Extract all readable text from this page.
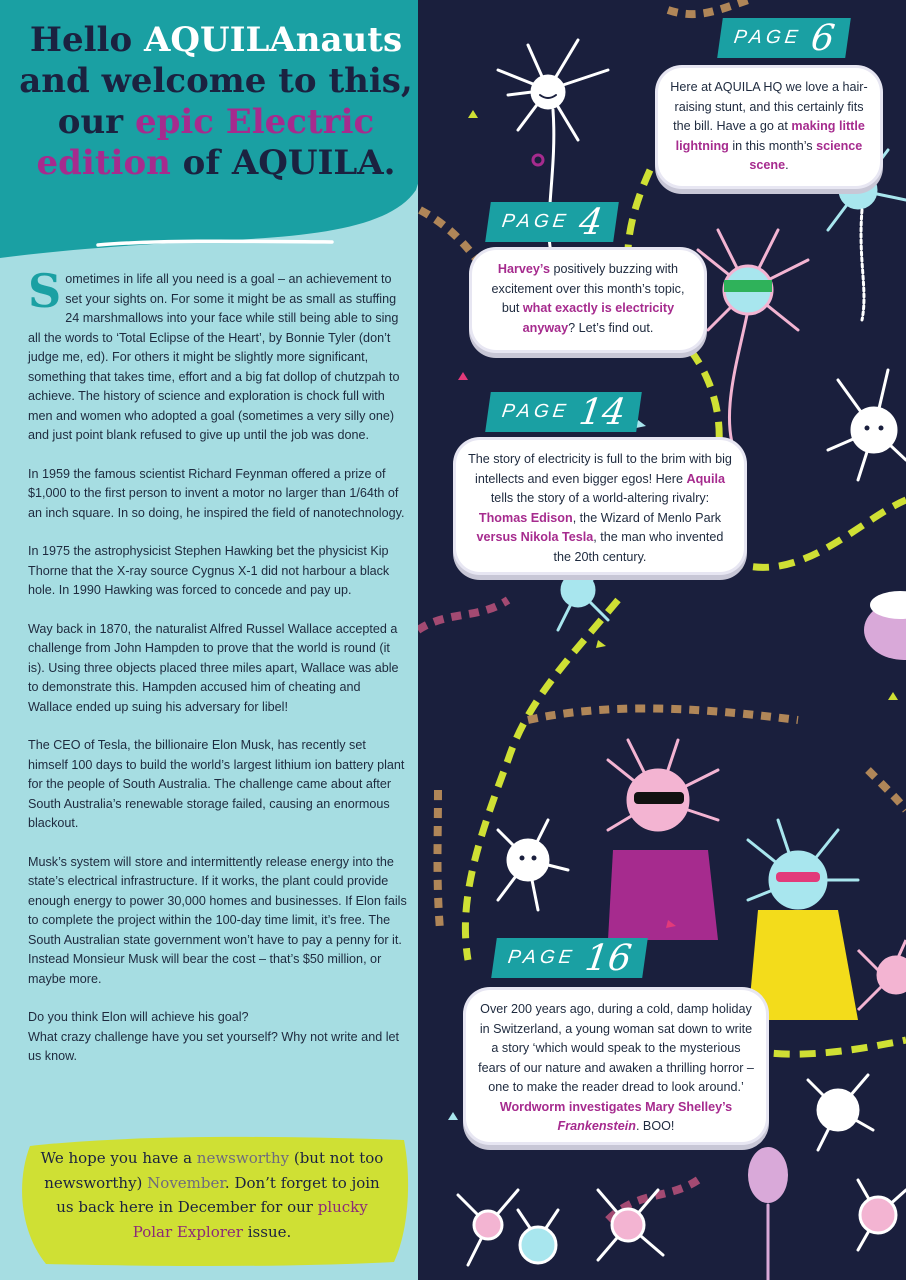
Hello AQUILAnauts and welcome to this, our epic Electric edition of AQUILA.

Sometimes in life all you need is a goal – an achievement to set your sights on. For some it might be as small as stuffing 24 marshmallows into your face while still being able to sing all the words to ‘Total Eclipse of the Heart’, by Bonnie Tyler (don’t judge me, ed). For others it might be slightly more significant, something that takes time, effort and a big fat dollop of chutzpah to achieve. The history of science and exploration is chock full with men and women who adopted a goal (sometimes a very silly one) and just point blank refused to give up until the job was done.

In 1959 the famous scientist Richard Feynman offered a prize of $1,000 to the first person to invent a motor no larger than 1/64th of an inch square. In so doing, he inspired the field of nanotechnology.

In 1975 the astrophysicist Stephen Hawking bet the physicist Kip Thorne that the X-ray source Cygnus X-1 did not harbour a black hole. In 1990 Hawking was forced to concede and pay up.

Way back in 1870, the naturalist Alfred Russel Wallace accepted a challenge from John Hampden to prove that the world is round (it is). Using three objects placed three miles apart, Wallace was able to demonstrate this. Hampden accused him of cheating and Wallace ended up suing his adversary for libel!

The CEO of Tesla, the billionaire Elon Musk, has recently set himself 100 days to build the world’s largest lithium ion battery plant for the people of South Australia. The challenge came about after South Australia’s renewable storage failed, causing an enormous blackout.

Musk’s system will store and intermittently release energy into the state’s electrical infrastructure. If it works, the plant could provide enough energy to power 30,000 homes and businesses. If Elon fails to complete the project within the 100-day time limit, it’s free. The South Australian state government won’t have to pay a penny for it. Instead Monsieur Musk will bear the cost – that’s $50 million, or maybe more.

Do you think Elon will achieve his goal?
What crazy challenge have you set yourself? Why not write and let us know.

We hope you have a newsworthy (but not too newsworthy) November. Don’t forget to join us back here in December for our plucky Polar Explorer issue.
PAGE 6
Here at AQUILA HQ we love a hair-raising stunt, and this certainly fits the bill. Have a go at making little lightning in this month’s science scene.
PAGE 4
Harvey’s positively buzzing with excitement over this month’s topic, but what exactly is electricity anyway? Let’s find out.
PAGE 14
The story of electricity is full to the brim with big intellects and even bigger egos! Here Aquila tells the story of a world-altering rivalry: Thomas Edison, the Wizard of Menlo Park versus Nikola Tesla, the man who invented the 20th century.
PAGE 16
Over 200 years ago, during a cold, damp holiday in Switzerland, a young woman sat down to write a story ‘which would speak to the mysterious fears of our nature and awaken a thrilling horror – one to make the reader dread to look around.’ Wordworm investigates Mary Shelley’s Frankenstein. BOO!
